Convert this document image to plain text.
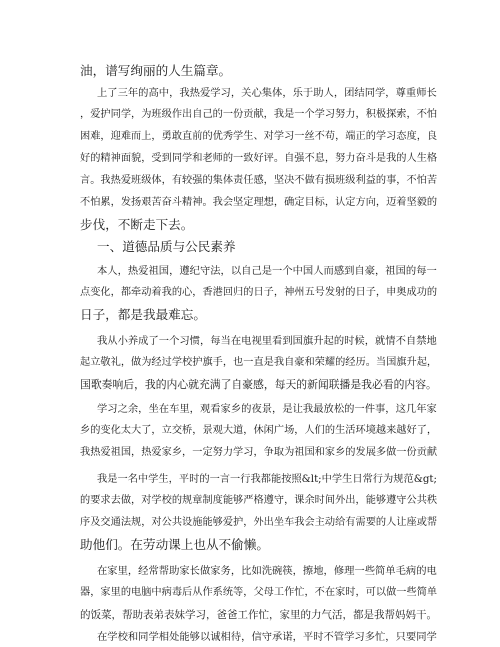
油，谱写绚丽的人生篇章。
上了三年的高中，我热爱学习，关心集体，乐于助人，团结同学，尊重师长
，爱护同学，为班级作出自己的一份贡献，我是一个学习努力，积极探索，不怕
困难，迎难而上，勇敢直前的优秀学生、对学习一丝不苟，端正的学习态度，良
好的精神面貌，受到同学和老师的一致好评。自强不息，努力奋斗是我的人生格
言。我热爱班级体，有较强的集体责任感，坚决不做有损班级利益的事，不怕苦
不怕累，发扬艰苦奋斗精神。我会坚定理想，确定目标，认定方向，迈着坚毅的
步伐，不断走下去。
一、道德品质与公民素养
本人，热爱祖国，遵纪守法，以自己是一个中国人而感到自豪，祖国的每一
点变化，都牵动着我的心，香港回归的日子，神州五号发射的日子，申奥成功的
日子，都是我最难忘。
我从小养成了一个习惯，每当在电视里看到国旗升起的时候，就情不自禁地
起立敬礼，做为经过学校护旗手，也一直是我自豪和荣耀的经历。当国旗升起，
国歌奏响后，我的内心就充满了自豪感，每天的新闻联播是我必看的内容。
学习之余，坐在车里，观看家乡的夜景，是让我最放松的一件事，这几年家
乡的变化太大了，立交桥，景观大道，休闲广场，人们的生活环境越来越好了，
我热爱祖国，热爱家乡，一定努力学习，争取为祖国和家乡的发展多做一份贡献
我是一名中学生，平时的一言一行我都能按照&lt;中学生日常行为规范&gt;
的要求去做，对学校的规章制度能够严格遵守，课余时间外出，能够遵守公共秩
序及交通法规，对公共设施能够爱护，外出坐车我会主动给有需要的人让座或帮
助他们。在劳动课上也从不偷懒。
在家里，经常帮助家长做家务，比如洗碗筷，擦地，修理一些简单毛病的电
器，家里的电脑中病毒后从作系统等，父母工作忙，不在家时，可以做一些简单
的饭菜，帮助表弟表妹学习，爸爸工作忙，家里的力气活，都是我帮妈妈干。
在学校和同学相处能够以诚相待，信守承诺，平时不管学习多忙，只要同学
